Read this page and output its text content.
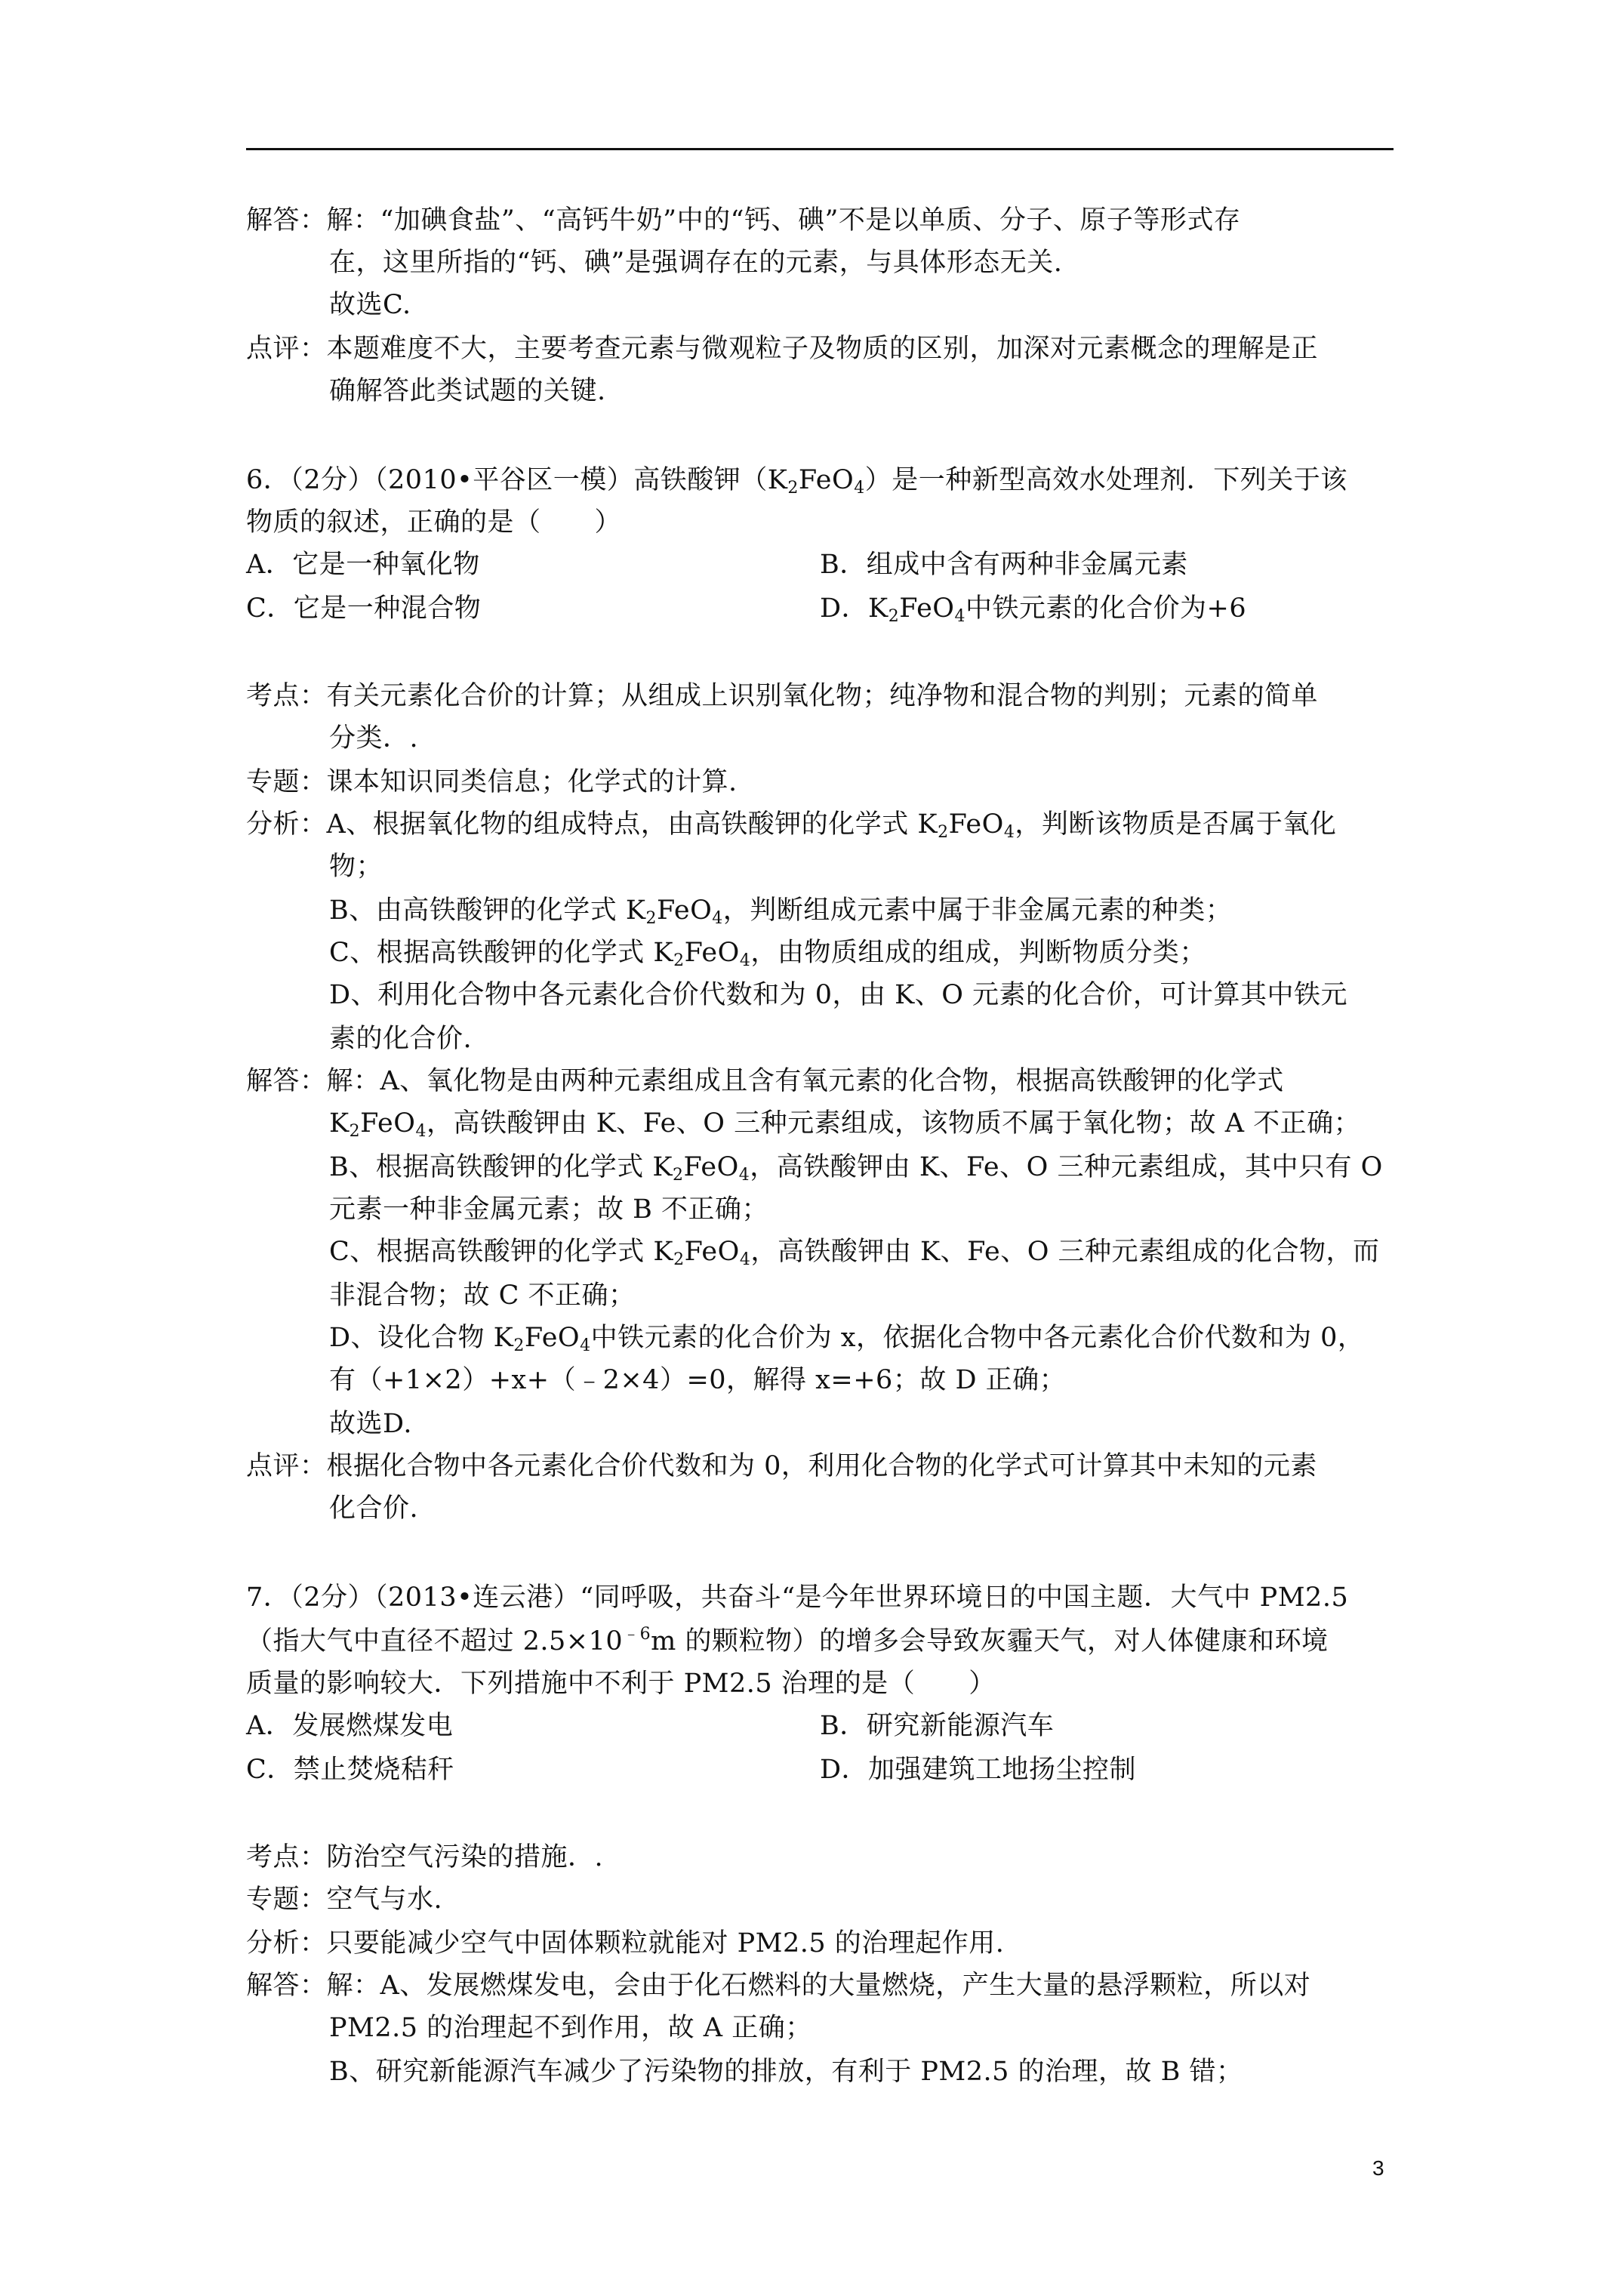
解答：解：“加碘食盐”、“高钙牛奶”中的“钙、碘”不是以单质、分子、原子等形式存
在，这里所指的“钙、碘”是强调存在的元素，与具体形态无关.
故选C.
点评：本题难度不大，主要考查元素与微观粒子及物质的区别，加深对元素概念的理解是正
确解答此类试题的关键.
6．（2分）（2010•平谷区一模）高铁酸钾$(K_2FeO_4)$是一种新型高效水处理剂．下列关于该
物质的叙述，正确的是（　　）
A．它是一种氧化物	B．组成中含有两种非金属元素
C．它是一种混合物	D．$K_2FeO_4$中铁元素的化合价为+6
考点：有关元素化合价的计算；从组成上识别氧化物；纯净物和混合物的判别；元素的简单
分类．.
专题：课本知识同类信息；化学式的计算.
分析：A、根据氧化物的组成特点，由高铁酸钾的化学式 $K_2FeO_4$，判断该物质是否属于氧化
物；
B、由高铁酸钾的化学式 $K_2FeO_4$，判断组成元素中属于非金属元素的种类；
C、根据高铁酸钾的化学式 $K_2FeO_4$，由物质组成的组成，判断物质分类；
D、利用化合物中各元素化合价代数和为 0，由 K、O 元素的化合价，可计算其中铁元
素的化合价.
解答：解：A、氧化物是由两种元素组成且含有氧元素的化合物，根据高铁酸钾的化学式
$K_2FeO_4$，高铁酸钾由 K、Fe、O 三种元素组成，该物质不属于氧化物；故 A 不正确；
B、根据高铁酸钾的化学式 $K_2FeO_4$，高铁酸钾由 K、Fe、O 三种元素组成，其中只有 O
元素一种非金属元素；故 B 不正确；
C、根据高铁酸钾的化学式 $K_2FeO_4$，高铁酸钾由 K、Fe、O 三种元素组成的化合物，而
非混合物；故 C 不正确；
D、设化合物 $K_2FeO_4$中铁元素的化合价为 x，依据化合物中各元素化合价代数和为 0，
有（+1×2）+x+（﹣2×4）=0，解得 x=+6；故 D 正确；
故选D.
点评：根据化合物中各元素化合价代数和为 0，利用化合物的化学式可计算其中未知的元素
化合价.
7．（2分）（2013•连云港）“同呼吸，共奋斗“是今年世界环境日的中国主题．大气中 PM2.5
（指大气中直径不超过 $2.5\times 10^{﹣6}m$ 的颗粒物）的增多会导致灰霾天气，对人体健康和环境
质量的影响较大．下列措施中不利于 PM2.5 治理的是（　　）
A．发展燃煤发电	B．研究新能源汽车
C．禁止焚烧秸秆	D．加强建筑工地扬尘控制
考点：防治空气污染的措施．.
专题：空气与水.
分析：只要能减少空气中固体颗粒就能对 PM2.5 的治理起作用.
解答：解：A、发展燃煤发电，会由于化石燃料的大量燃烧，产生大量的悬浮颗粒，所以对
PM2.5 的治理起不到作用，故 A 正确；
B、研究新能源汽车减少了污染物的排放，有利于 PM2.5 的治理，故 B 错；
3
